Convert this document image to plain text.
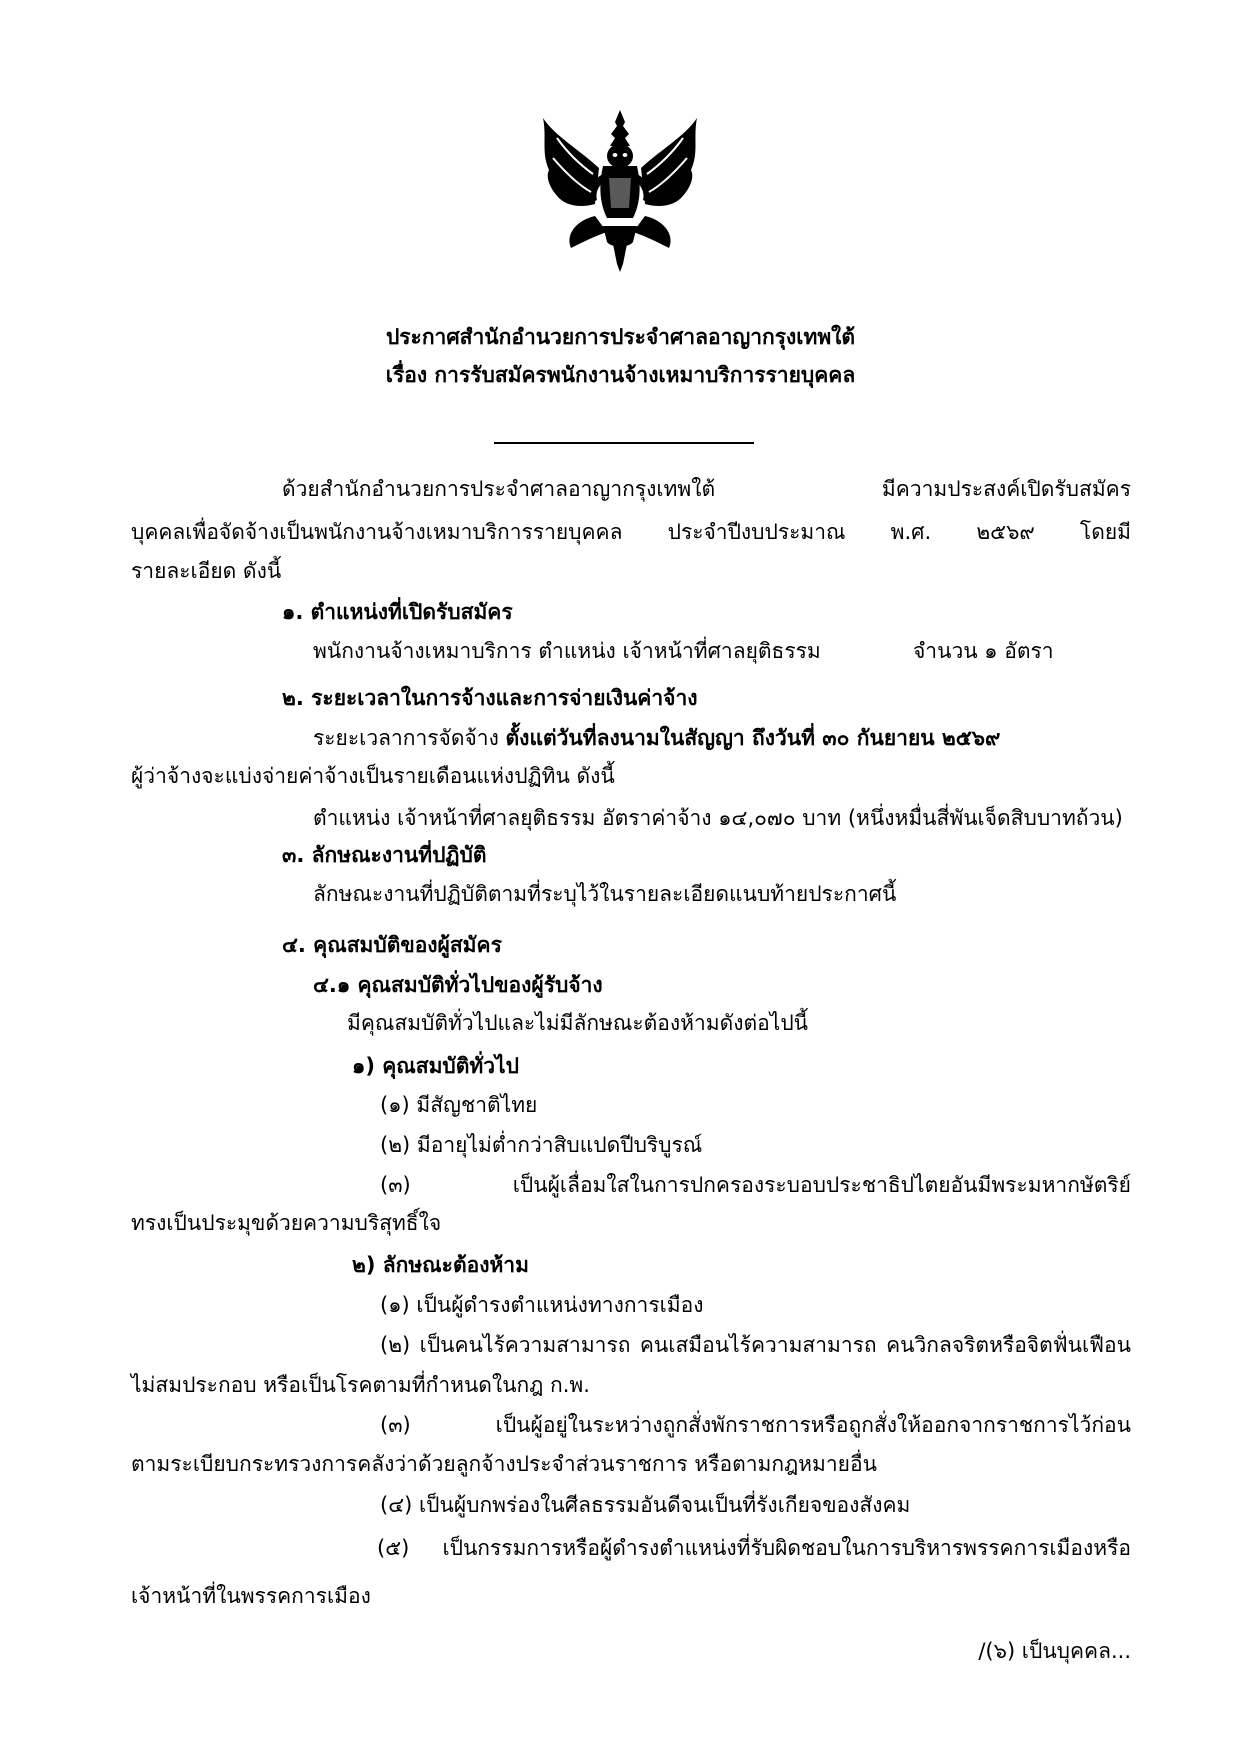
ประกาศสำนักอำนวยการประจำศาลอาญากรุงเทพใต้
เรื่อง การรับสมัครพนักงานจ้างเหมาบริการรายบุคคล
ด้วยสำนักอำนวยการประจำศาลอาญากรุงเทพใต้ มีความประสงค์เปิดรับสมัคร
บุคคลเพื่อจัดจ้างเป็นพนักงานจ้างเหมาบริการรายบุคคล ประจำปีงบประมาณ พ.ศ. ๒๕๖๙ โดยมี
รายละเอียด ดังนี้
๑. ตำแหน่งที่เปิดรับสมัคร
พนักงานจ้างเหมาบริการ ตำแหน่ง เจ้าหน้าที่ศาลยุติธรรม	จำนวน ๑ อัตรา
๒. ระยะเวลาในการจ้างและการจ่ายเงินค่าจ้าง
ระยะเวลาการจัดจ้าง ตั้งแต่วันที่ลงนามในสัญญา ถึงวันที่ ๓๐ กันยายน ๒๕๖๙
ผู้ว่าจ้างจะแบ่งจ่ายค่าจ้างเป็นรายเดือนแห่งปฏิทิน ดังนี้
ตำแหน่ง เจ้าหน้าที่ศาลยุติธรรม อัตราค่าจ้าง ๑๔,๐๗๐ บาท (หนึ่งหมื่นสี่พันเจ็ดสิบบาทถ้วน)
๓. ลักษณะงานที่ปฏิบัติ
ลักษณะงานที่ปฏิบัติตามที่ระบุไว้ในรายละเอียดแนบท้ายประกาศนี้
๔. คุณสมบัติของผู้สมัคร
๔.๑ คุณสมบัติทั่วไปของผู้รับจ้าง
มีคุณสมบัติทั่วไปและไม่มีลักษณะต้องห้ามดังต่อไปนี้
๑) คุณสมบัติทั่วไป
(๑) มีสัญชาติไทย
(๒) มีอายุไม่ต่ำกว่าสิบแปดปีบริบูรณ์
(๓) เป็นผู้เลื่อมใสในการปกครองระบอบประชาธิปไตยอันมีพระมหากษัตริย์
ทรงเป็นประมุขด้วยความบริสุทธิ์ใจ
๒) ลักษณะต้องห้าม
(๑) เป็นผู้ดำรงตำแหน่งทางการเมือง
(๒) เป็นคนไร้ความสามารถ คนเสมือนไร้ความสามารถ คนวิกลจริตหรือจิตฟั่นเฟือน
ไม่สมประกอบ หรือเป็นโรคตามที่กำหนดในกฎ ก.พ.
(๓) เป็นผู้อยู่ในระหว่างถูกสั่งพักราชการหรือถูกสั่งให้ออกจากราชการไว้ก่อน
ตามระเบียบกระทรวงการคลังว่าด้วยลูกจ้างประจำส่วนราชการ หรือตามกฎหมายอื่น
(๔) เป็นผู้บกพร่องในศีลธรรมอันดีจนเป็นที่รังเกียจของสังคม
(๕) เป็นกรรมการหรือผู้ดำรงตำแหน่งที่รับผิดชอบในการบริหารพรรคการเมืองหรือ
เจ้าหน้าที่ในพรรคการเมือง
/(๖) เป็นบุคคล...
